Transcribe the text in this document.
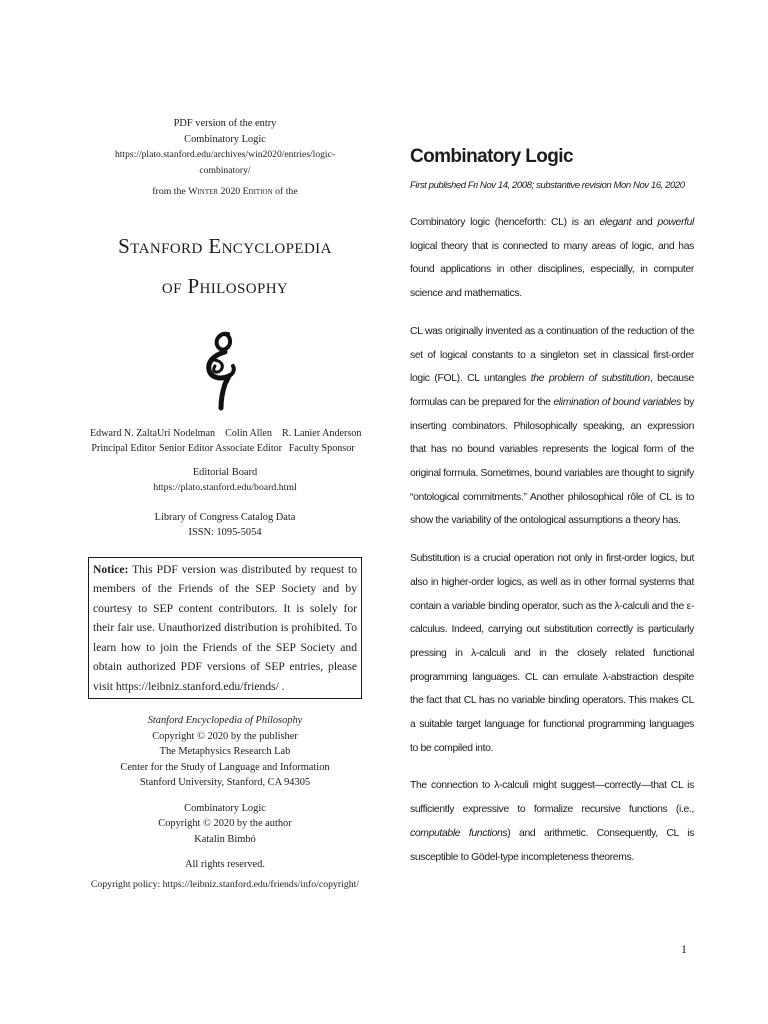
PDF version of the entry
Combinatory Logic
https://plato.stanford.edu/archives/win2020/entries/logic-combinatory/
from the Winter 2020 Edition of the
Stanford Encyclopedia
of Philosophy
Edward N. Zalta
Principal Editor
Uri Nodelman
Senior Editor
Colin Allen
Associate Editor
R. Lanier Anderson
Faculty Sponsor
Editorial Board
https://plato.stanford.edu/board.html
Library of Congress Catalog Data
ISSN: 1095-5054
Notice: This PDF version was distributed by request to members of the Friends of the SEP Society and by courtesy to SEP content contributors. It is solely for their fair use. Unauthorized distribution is prohibited. To learn how to join the Friends of the SEP Society and obtain authorized PDF versions of SEP entries, please visit https://leibniz.stanford.edu/friends/ .
Stanford Encyclopedia of Philosophy
Copyright © 2020 by the publisher
The Metaphysics Research Lab
Center for the Study of Language and Information
Stanford University, Stanford, CA 94305
Combinatory Logic
Copyright © 2020 by the author
Katalin Bimbó
All rights reserved.
Copyright policy: https://leibniz.stanford.edu/friends/info/copyright/
Combinatory Logic
First published Fri Nov 14, 2008; substantive revision Mon Nov 16, 2020

Combinatory logic (henceforth: CL) is an elegant and powerful logical theory that is connected to many areas of logic, and has found applications in other disciplines, especially, in computer science and mathematics.

CL was originally invented as a continuation of the reduction of the set of logical constants to a singleton set in classical first-order logic (FOL). CL untangles the problem of substitution, because formulas can be prepared for the elimination of bound variables by inserting combinators. Philosophically speaking, an expression that has no bound variables represents the logical form of the original formula. Sometimes, bound variables are thought to signify “ontological commitments.” Another philosophical rôle of CL is to show the variability of the ontological assumptions a theory has.

Substitution is a crucial operation not only in first-order logics, but also in higher-order logics, as well as in other formal systems that contain a variable binding operator, such as the λ-calculi and the ε-calculus. Indeed, carrying out substitution correctly is particularly pressing in λ-calculi and in the closely related functional programming languages. CL can emulate λ-abstraction despite the fact that CL has no variable binding operators. This makes CL a suitable target language for functional programming languages to be compiled into.

The connection to λ-calculi might suggest—correctly—that CL is sufficiently expressive to formalize recursive functions (i.e., computable functions) and arithmetic. Consequently, CL is susceptible to Gödel-type incompleteness theorems.

1
